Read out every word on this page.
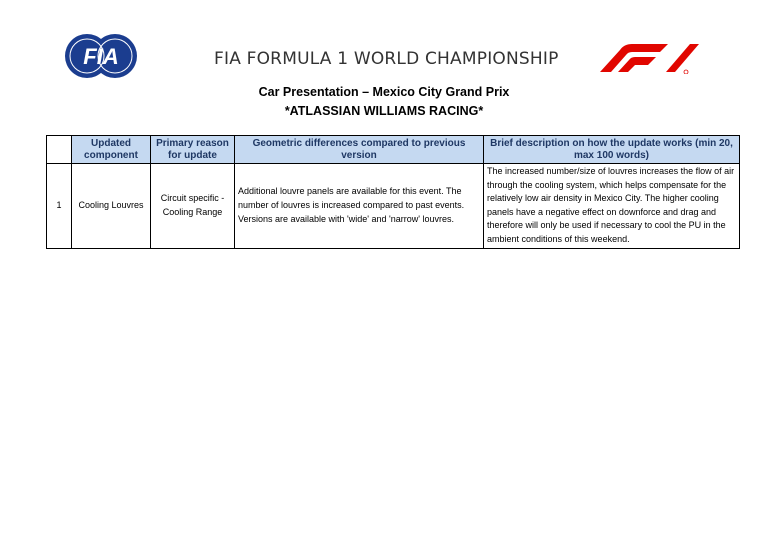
FIA	FIA FORMULA 1 WORLD CHAMPIONSHIP
Car Presentation – Mexico City Grand Prix
*ATLASSIAN WILLIAMS RACING*
	Updated component	Primary reason for update	Geometric differences compared to previous version	Brief description on how the update works (min 20, max 100 words)
1	Cooling Louvres	Circuit specific - Cooling Range	Additional louvre panels are available for this event. The number of louvres is increased compared to past events. Versions are available with 'wide' and 'narrow' louvres.	The increased number/size of louvres increases the flow of air through the cooling system, which helps compensate for the relatively low air density in Mexico City. The higher cooling panels have a negative effect on downforce and drag and therefore will only be used if necessary to cool the PU in the ambient conditions of this weekend.
